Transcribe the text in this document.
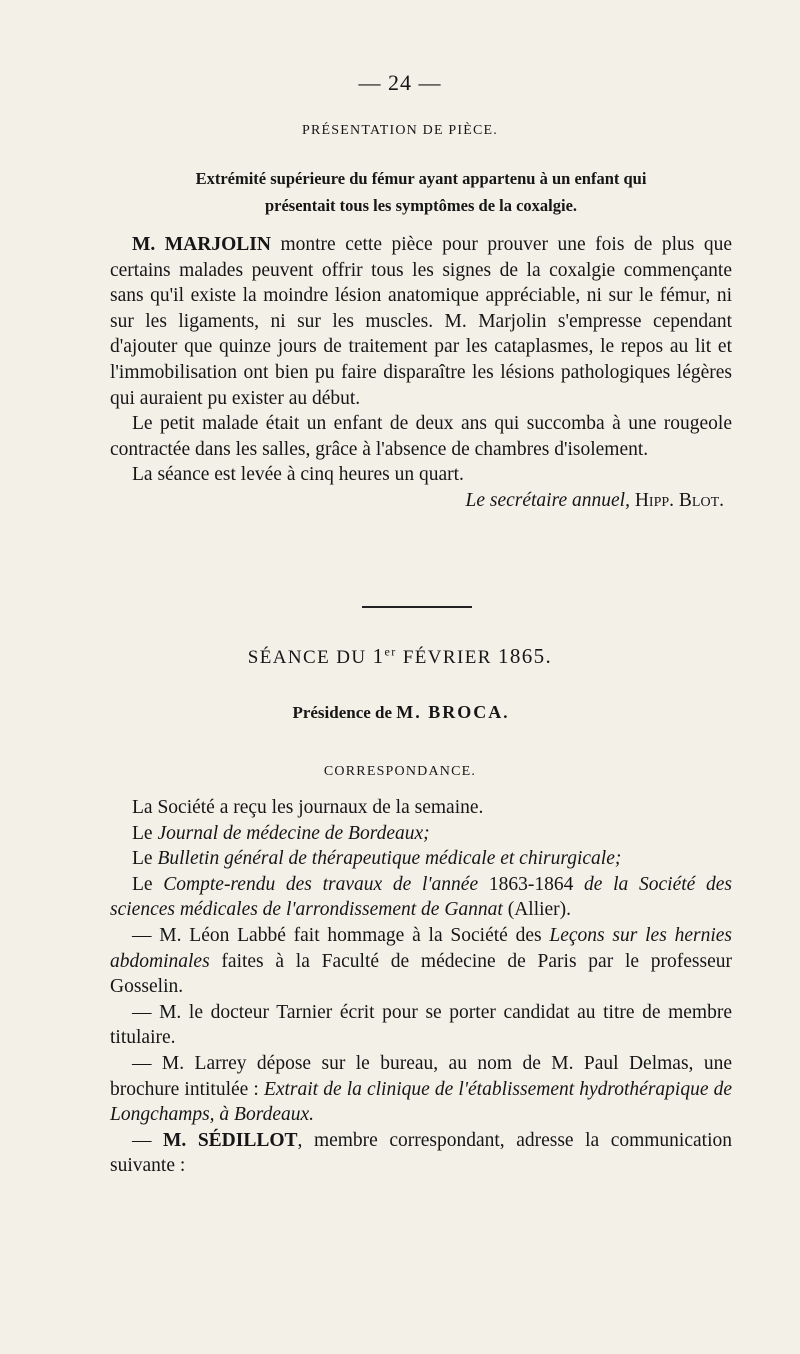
— 24 —
PRÉSENTATION DE PIÈCE.
Extrémité supérieure du fémur ayant appartenu à un enfant qui
présentait tous les symptômes de la coxalgie.

M. MARJOLIN montre cette pièce pour prouver une fois de plus que certains malades peuvent offrir tous les signes de la coxalgie commençante sans qu'il existe la moindre lésion anatomique appréciable, ni sur le fémur, ni sur les ligaments, ni sur les muscles. M. Marjolin s'empresse cependant d'ajouter que quinze jours de traitement par les cataplasmes, le repos au lit et l'immobilisation ont bien pu faire disparaître les lésions pathologiques légères qui auraient pu exister au début.

Le petit malade était un enfant de deux ans qui succomba à une rougeole contractée dans les salles, grâce à l'absence de chambres d'isolement.

La séance est levée à cinq heures un quart.

Le secrétaire annuel, Hipp. Blot.

SÉANCE DU 1er FÉVRIER 1865.
Présidence de M. BROCA.
CORRESPONDANCE.

La Société a reçu les journaux de la semaine.

Le Journal de médecine de Bordeaux;

Le Bulletin général de thérapeutique médicale et chirurgicale;

Le Compte-rendu des travaux de l'année 1863-1864 de la Société des sciences médicales de l'arrondissement de Gannat (Allier).

— M. Léon Labbé fait hommage à la Société des Leçons sur les hernies abdominales faites à la Faculté de médecine de Paris par le professeur Gosselin.

— M. le docteur Tarnier écrit pour se porter candidat au titre de membre titulaire.

— M. Larrey dépose sur le bureau, au nom de M. Paul Delmas, une brochure intitulée : Extrait de la clinique de l'établissement hydrothérapique de Longchamps, à Bordeaux.

— M. SÉDILLOT, membre correspondant, adresse la communication suivante :
